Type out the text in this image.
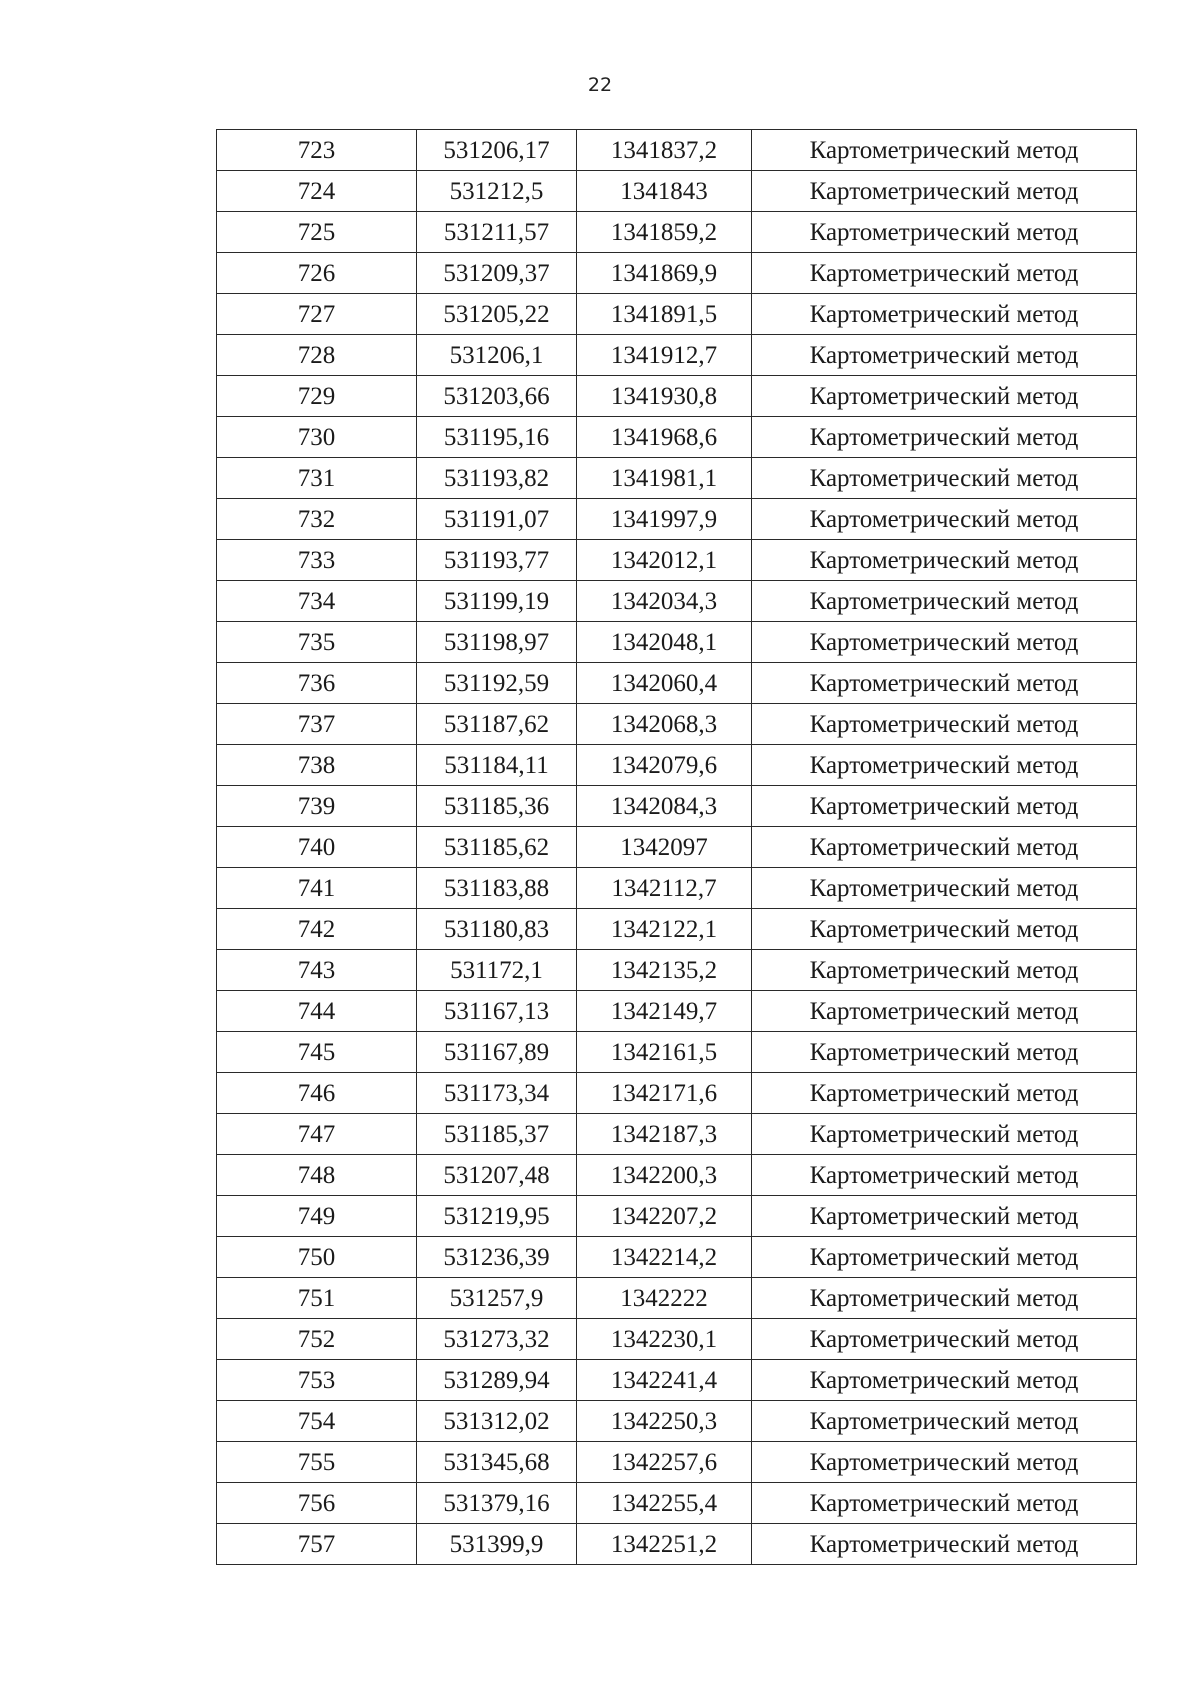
22
723	531206,17	1341837,2	Картометрический метод
724	531212,5	1341843	Картометрический метод
725	531211,57	1341859,2	Картометрический метод
726	531209,37	1341869,9	Картометрический метод
727	531205,22	1341891,5	Картометрический метод
728	531206,1	1341912,7	Картометрический метод
729	531203,66	1341930,8	Картометрический метод
730	531195,16	1341968,6	Картометрический метод
731	531193,82	1341981,1	Картометрический метод
732	531191,07	1341997,9	Картометрический метод
733	531193,77	1342012,1	Картометрический метод
734	531199,19	1342034,3	Картометрический метод
735	531198,97	1342048,1	Картометрический метод
736	531192,59	1342060,4	Картометрический метод
737	531187,62	1342068,3	Картометрический метод
738	531184,11	1342079,6	Картометрический метод
739	531185,36	1342084,3	Картометрический метод
740	531185,62	1342097	Картометрический метод
741	531183,88	1342112,7	Картометрический метод
742	531180,83	1342122,1	Картометрический метод
743	531172,1	1342135,2	Картометрический метод
744	531167,13	1342149,7	Картометрический метод
745	531167,89	1342161,5	Картометрический метод
746	531173,34	1342171,6	Картометрический метод
747	531185,37	1342187,3	Картометрический метод
748	531207,48	1342200,3	Картометрический метод
749	531219,95	1342207,2	Картометрический метод
750	531236,39	1342214,2	Картометрический метод
751	531257,9	1342222	Картометрический метод
752	531273,32	1342230,1	Картометрический метод
753	531289,94	1342241,4	Картометрический метод
754	531312,02	1342250,3	Картометрический метод
755	531345,68	1342257,6	Картометрический метод
756	531379,16	1342255,4	Картометрический метод
757	531399,9	1342251,2	Картометрический метод
